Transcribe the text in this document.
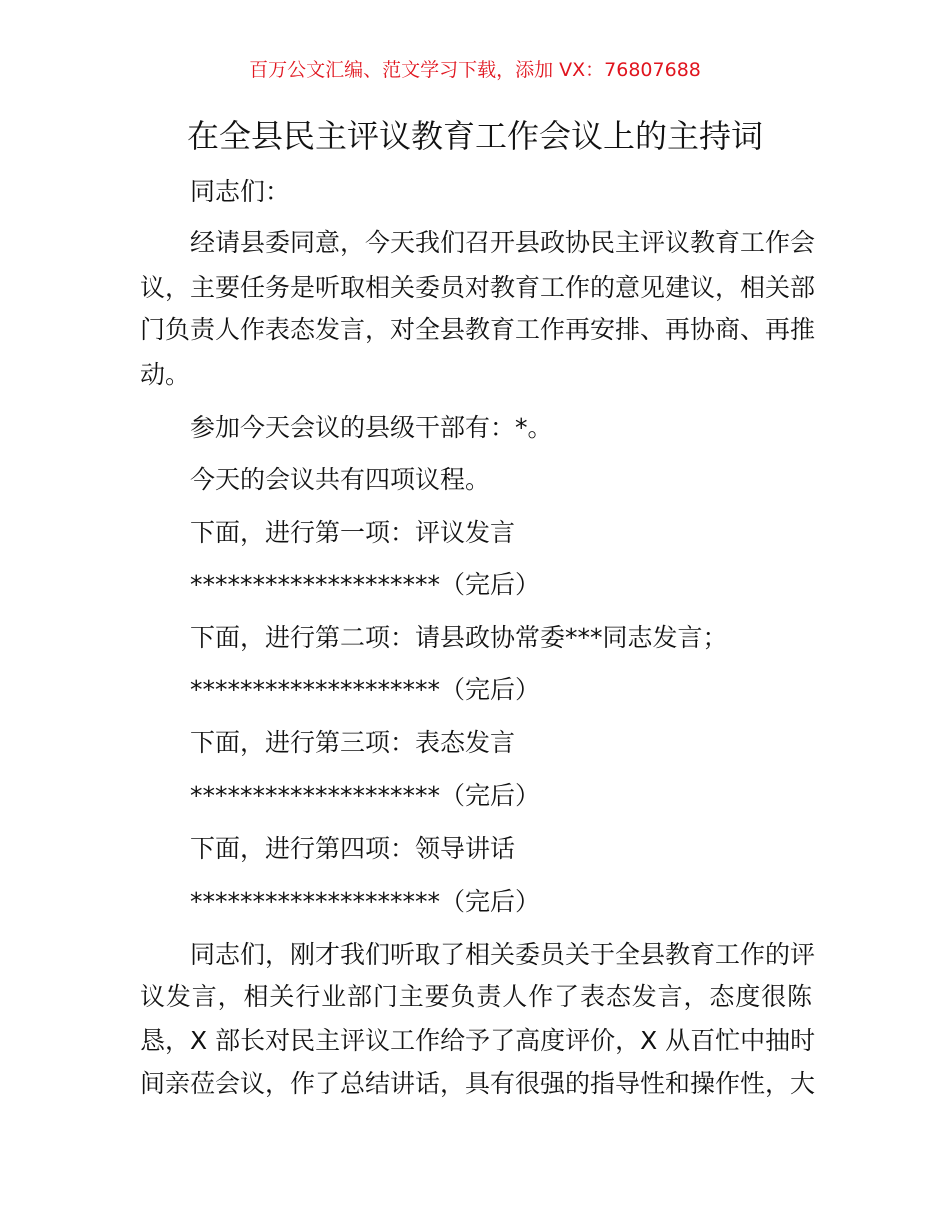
百万公文汇编、范文学习下载，添加 VX：76807688
在全县民主评议教育工作会议上的主持词
同志们：
经请县委同意，今天我们召开县政协民主评议教育工作会
议，主要任务是听取相关委员对教育工作的意见建议，相关部
门负责人作表态发言，对全县教育工作再安排、再协商、再推
动。
参加今天会议的县级干部有：*。
今天的会议共有四项议程。
下面，进行第一项：评议发言
********************（完后）
下面，进行第二项：请县政协常委***同志发言；
********************（完后）
下面，进行第三项：表态发言
********************（完后）
下面，进行第四项：领导讲话
********************（完后）
同志们，刚才我们听取了相关委员关于全县教育工作的评
议发言，相关行业部门主要负责人作了表态发言，态度很陈
恳，X 部长对民主评议工作给予了高度评价，X 从百忙中抽时
间亲莅会议，作了总结讲话，具有很强的指导性和操作性，大
